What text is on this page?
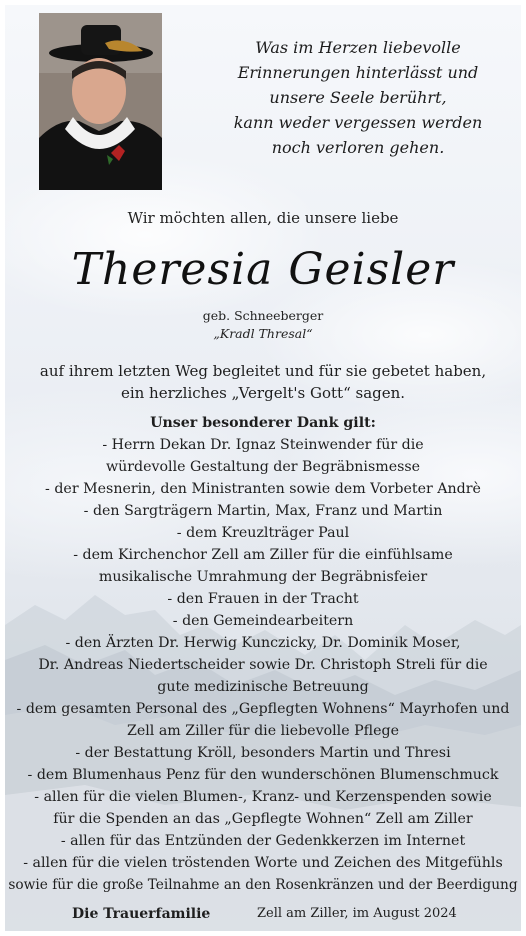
Was im Herzen liebevolle
Erinnerungen hinterlässt und
unsere Seele berührt,
kann weder vergessen werden
noch verloren gehen.
Wir möchten allen, die unsere liebe
Theresia Geisler
geb. Schneeberger
„Kradl Thresal“
auf ihrem letzten Weg begleitet und für sie gebetet haben,
ein herzliches „Vergelt's Gott“ sagen.
Unser besonderer Dank gilt:
- Herrn Dekan Dr. Ignaz Steinwender für die
würdevolle Gestaltung der Begräbnismesse
- der Mesnerin, den Ministranten sowie dem Vorbeter Andrè
- den Sargträgern Martin, Max, Franz und Martin
- dem Kreuzlträger Paul
- dem Kirchenchor Zell am Ziller für die einfühlsame
musikalische Umrahmung der Begräbnisfeier
- den Frauen in der Tracht
- den Gemeindearbeitern
- den Ärzten Dr. Herwig Kunczicky, Dr. Dominik Moser,
Dr. Andreas Niedertscheider sowie Dr. Christoph Streli für die
gute medizinische Betreuung
- dem gesamten Personal des „Gepflegten Wohnens“ Mayrhofen und
Zell am Ziller für die liebevolle Pflege
- der Bestattung Kröll, besonders Martin und Thresi
- dem Blumenhaus Penz für den wunderschönen Blumenschmuck
- allen für die vielen Blumen-, Kranz- und Kerzenspenden sowie
für die Spenden an das „Gepflegte Wohnen“ Zell am Ziller
- allen für das Entzünden der Gedenkkerzen im Internet
- allen für die vielen tröstenden Worte und Zeichen des Mitgefühls
sowie für die große Teilnahme an den Rosenkränzen und der Beerdigung
Die Trauerfamilie	Zell am Ziller, im August 2024
